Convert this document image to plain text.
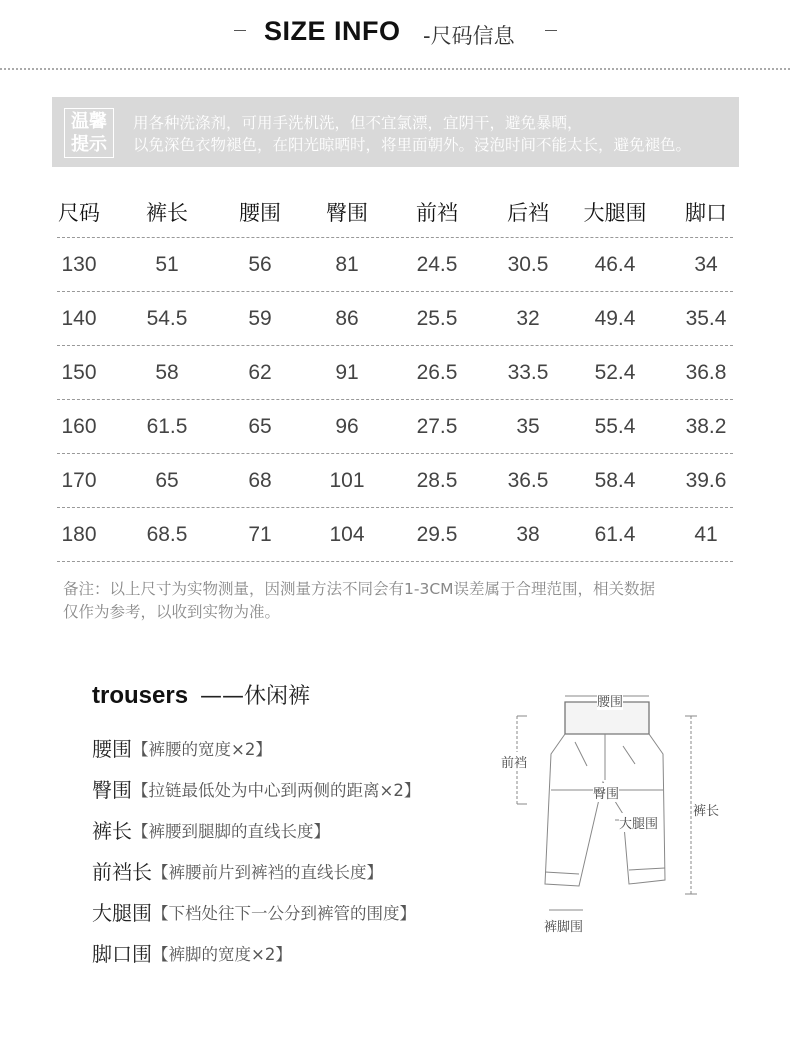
SIZE INFO -尺码信息
温馨
提示
用各种洗涤剂，可用手洗机洗，但不宜氯漂，宜阴干，避免暴晒，
以免深色衣物褪色，在阳光晾晒时，将里面朝外。浸泡时间不能太长，避免褪色。
尺码	裤长	腰围	臀围	前裆	后裆	大腿围	脚口
130	51	56	81	24.5	30.5	46.4	34
140	54.5	59	86	25.5	32	49.4	35.4
150	58	62	91	26.5	33.5	52.4	36.8
160	61.5	65	96	27.5	35	55.4	38.2
170	65	68	101	28.5	36.5	58.4	39.6
180	68.5	71	104	29.5	38	61.4	41
备注：以上尺寸为实物测量，因测量方法不同会有1-3CM误差属于合理范围，相关数据
仅作为参考，以收到实物为准。
trousers ——休闲裤
腰围 【裤腰的宽度×2】
臀围 【拉链最低处为中心到两侧的距离×2】
裤长 【裤腰到腿脚的直线长度】
前裆长 【裤腰前片到裤裆的直线长度】
大腿围 【下档处往下一公分到裤管的围度】
脚口围 【裤脚的宽度×2】
腰围
前裆
臀围
裤长
大腿围
裤脚围
